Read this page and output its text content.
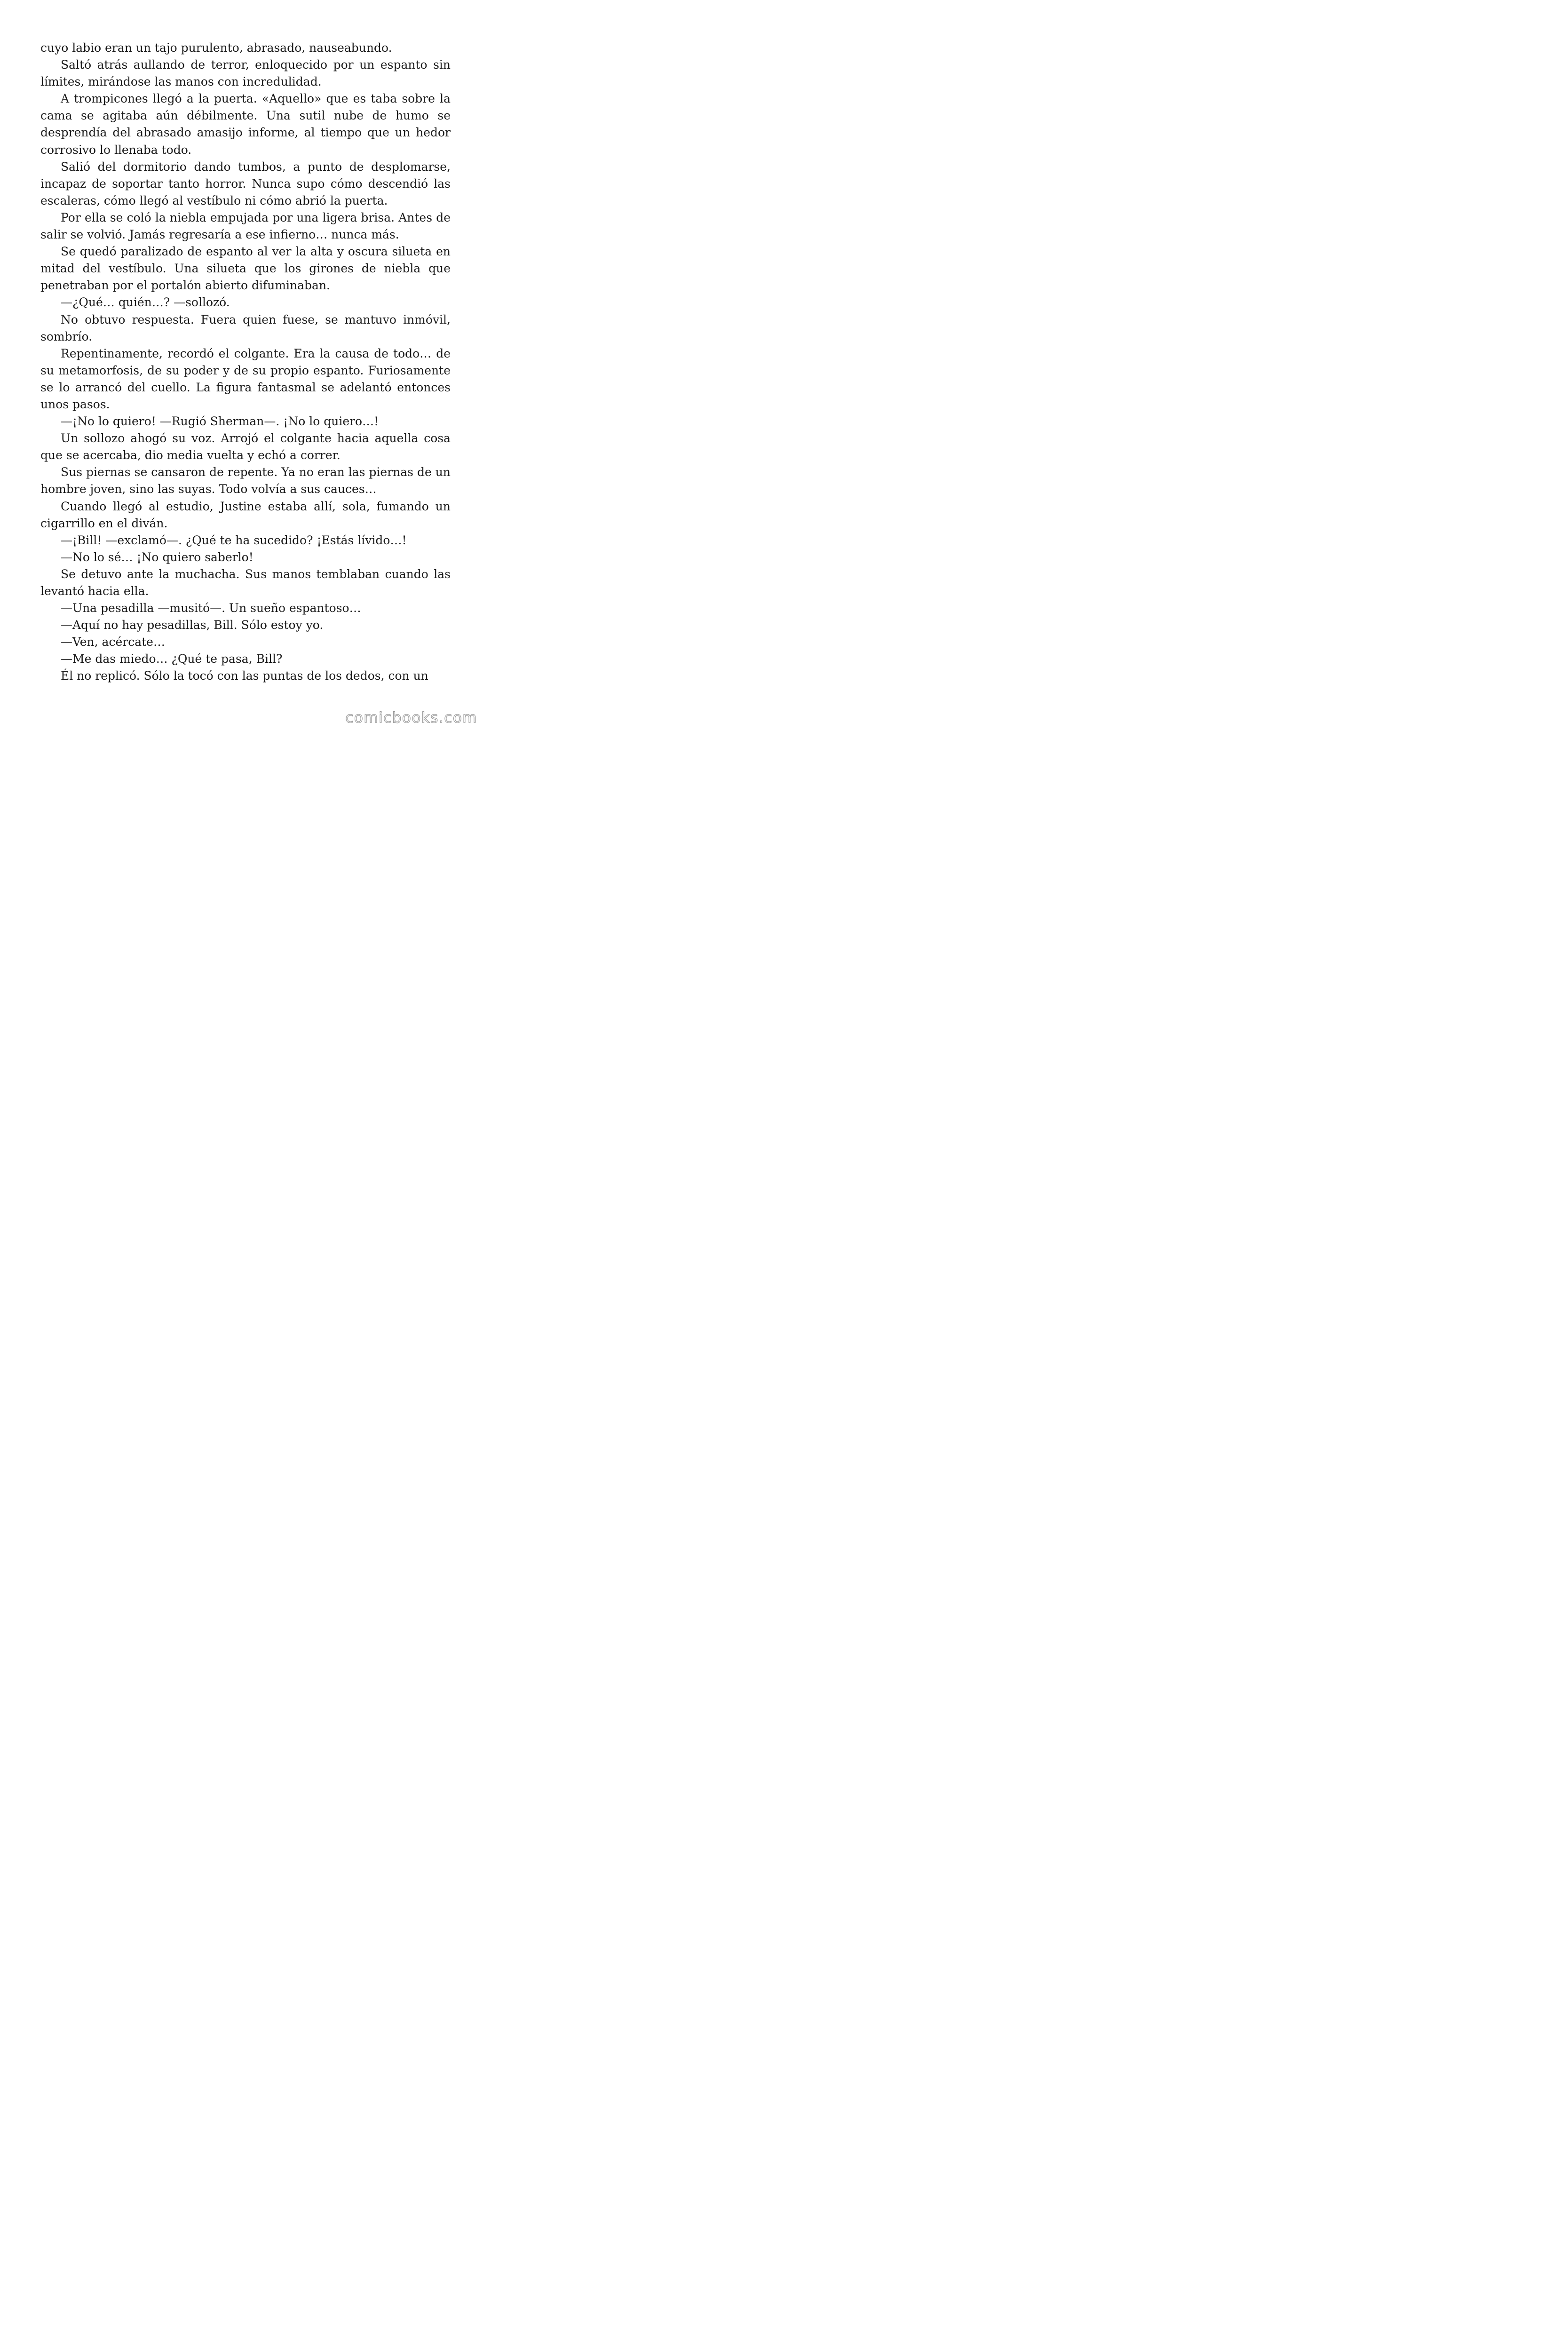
cuyo labio eran un tajo purulento, abrasado, nauseabundo.

Saltó atrás aullando de terror, enloquecido por un espanto sin límites, mirándose las manos con incredulidad.

A trompicones llegó a la puerta. «Aquello» que es taba sobre la cama se agitaba aún débilmente. Una sutil nube de humo se desprendía del abrasado amasijo informe, al tiempo que un hedor corrosivo lo llenaba todo.

Salió del dormitorio dando tumbos, a punto de desplomarse, incapaz de soportar tanto horror. Nunca supo cómo descendió las escaleras, cómo llegó al vestíbulo ni cómo abrió la puerta.

Por ella se coló la niebla empujada por una ligera brisa. Antes de salir se volvió. Jamás regresaría a ese infierno… nunca más.

Se quedó paralizado de espanto al ver la alta y oscura silueta en mitad del vestíbulo. Una silueta que los girones de niebla que penetraban por el portalón abierto difuminaban.

—¿Qué… quién…? —sollozó.

No obtuvo respuesta. Fuera quien fuese, se mantuvo inmóvil, sombrío.

Repentinamente, recordó el colgante. Era la causa de todo… de su metamorfosis, de su poder y de su propio espanto. Furiosamente se lo arrancó del cuello. La figura fantasmal se adelantó entonces unos pasos.

—¡No lo quiero! —Rugió Sherman—. ¡No lo quiero…!

Un sollozo ahogó su voz. Arrojó el colgante hacia aquella cosa que se acercaba, dio media vuelta y echó a correr.

Sus piernas se cansaron de repente. Ya no eran las piernas de un hombre joven, sino las suyas. Todo volvía a sus cauces…

Cuando llegó al estudio, Justine estaba allí, sola, fumando un cigarrillo en el diván.

—¡Bill! —exclamó—. ¿Qué te ha sucedido? ¡Estás lívido…!

—No lo sé… ¡No quiero saberlo!

Se detuvo ante la muchacha. Sus manos temblaban cuando las levantó hacia ella.

—Una pesadilla —musitó—. Un sueño espantoso…

—Aquí no hay pesadillas, Bill. Sólo estoy yo.

—Ven, acércate…

—Me das miedo… ¿Qué te pasa, Bill?

Él no replicó. Sólo la tocó con las puntas de los dedos, con un

comicbooks.com
